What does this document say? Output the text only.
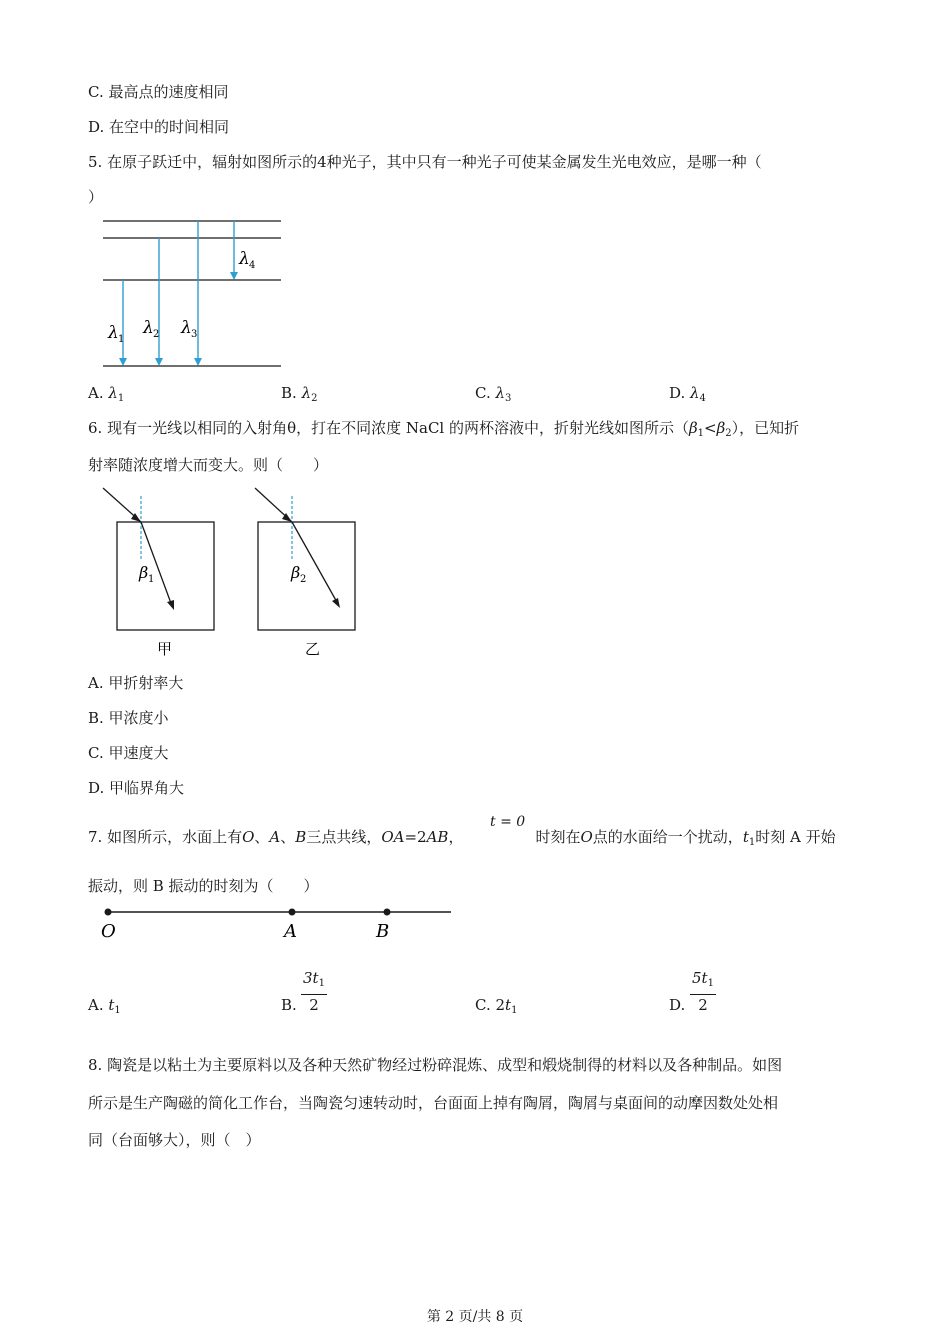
C. 最高点的速度相同
D. 在空中的时间相同
5. 在原子跃迁中，辐射如图所示的4种光子，其中只有一种光子可使某金属发生光电效应，是哪一种（
）
λ 1
λ 2 λ 3
λ 4
A. $\lambda_1$	B. $\lambda_2$	C. $\lambda_3$	D. $\lambda_4$
6. 现有一光线以相同的入射角θ，打在不同浓度 NaCl 的两杯溶液中，折射光线如图所示$(\beta_1<\beta_2)$，已知折
射率随浓度增大而变大。则（　　）
β 1	β 2
甲	乙
A. 甲折射率大
B. 甲浓度小
C. 甲速度大
D. 甲临界角大
t = 0
7. 如图所示，水面上有O、A、B三点共线，OA=2AB，	时刻在O点的水面给一个扰动，$t_1$时刻 A 开始
振动，则 B 振动的时刻为（　　）
O	A	B
A. $t_1$	B. $\frac{3t_1}{2}$	C. $2t_1$	D. $\frac{5t_1}{2}$
8. 陶瓷是以粘土为主要原料以及各种天然矿物经过粉碎混炼、成型和煅烧制得的材料以及各种制品。如图
所示是生产陶磁的简化工作台，当陶瓷匀速转动时，台面面上掉有陶屑，陶屑与桌面间的动摩因数处处相
同（台面够大），则（　）
第 2 页/共 8 页
